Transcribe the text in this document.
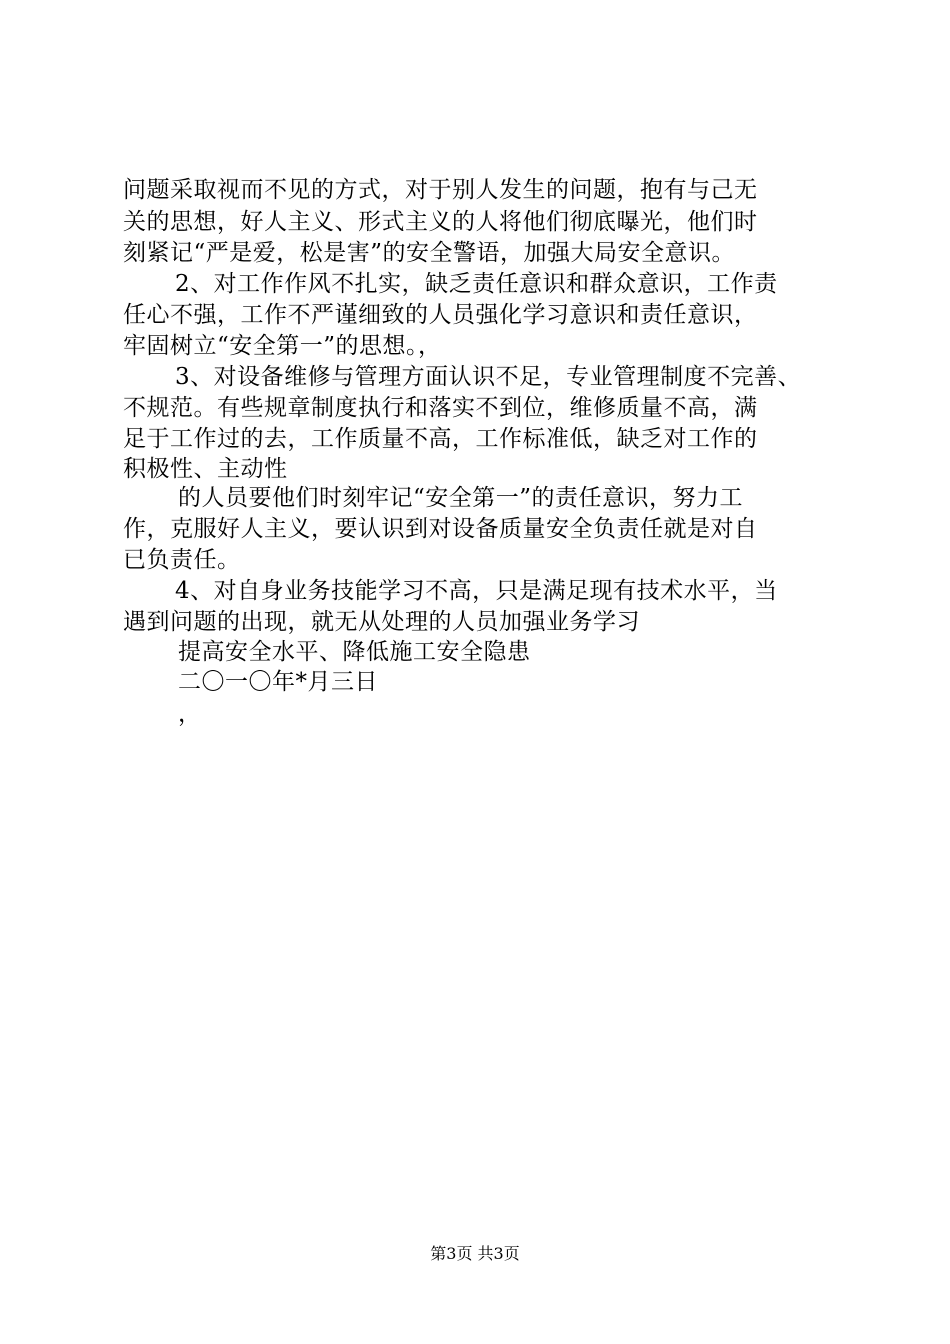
问题采取视而不见的方式，对于别人发生的问题，抱有与己无
关的思想，好人主义、形式主义的人将他们彻底曝光，他们时
刻紧记“严是爱，松是害”的安全警语，加强大局安全意识。
2、对工作作风不扎实，缺乏责任意识和群众意识，工作责
任心不强，工作不严谨细致的人员强化学习意识和责任意识，
牢固树立“安全第一”的思想。，
3、对设备维修与管理方面认识不足，专业管理制度不完善、
不规范。有些规章制度执行和落实不到位，维修质量不高，满
足于工作过的去，工作质量不高，工作标准低，缺乏对工作的
积极性、主动性
的人员要他们时刻牢记“安全第一”的责任意识，努力工
作，克服好人主义，要认识到对设备质量安全负责任就是对自
已负责任。
4、对自身业务技能学习不高，只是满足现有技术水平，当
遇到问题的出现，就无从处理的人员加强业务学习
提高安全水平、降低施工安全隐患
二〇一〇年*月三日
，
第3页 共3页
